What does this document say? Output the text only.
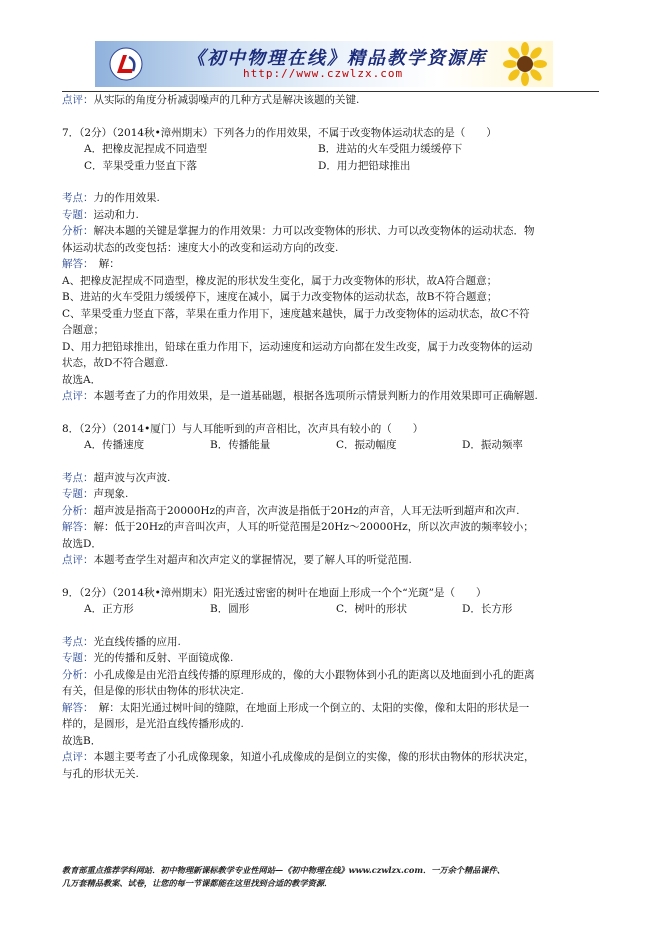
《初中物理在线》精品教学资源库
http://www.czwlzx.com
点评：从实际的角度分析减弱噪声的几种方式是解决该题的关键.
7．（2分）（2014秋•漳州期末）下列各力的作用效果，不属于改变物体运动状态的是（　　）
A．把橡皮泥捏成不同造型	B．进站的火车受阻力缓缓停下
C．苹果受重力竖直下落	D．用力把铅球推出
考点：力的作用效果.
专题：运动和力.
分析：解决本题的关键是掌握力的作用效果：力可以改变物体的形状、力可以改变物体的运动状态．物
体运动状态的改变包括：速度大小的改变和运动方向的改变.
解答：　解：
A、把橡皮泥捏成不同造型，橡皮泥的形状发生变化，属于力改变物体的形状，故A符合题意；
B、进站的火车受阻力缓缓停下，速度在减小，属于力改变物体的运动状态，故B不符合题意；
C、苹果受重力竖直下落，苹果在重力作用下，速度越来越快，属于力改变物体的运动状态，故C不符
合题意；
D、用力把铅球推出，铅球在重力作用下，运动速度和运动方向都在发生改变，属于力改变物体的运动
状态，故D不符合题意.
故选A．
点评：本题考查了力的作用效果，是一道基础题，根据各选项所示情景判断力的作用效果即可正确解题.
8．（2分）（2014•厦门）与人耳能听到的声音相比，次声具有较小的（　　）
A．传播速度	B．传播能量	C．振动幅度	D．振动频率
考点：超声波与次声波.
专题：声现象.
分析：超声波是指高于20000Hz的声音，次声波是指低于20Hz的声音，人耳无法听到超声和次声.
解答：解：低于20Hz的声音叫次声，人耳的听觉范围是20Hz～20000Hz，所以次声波的频率较小；
故选D．
点评：本题考查学生对超声和次声定义的掌握情况，要了解人耳的听觉范围.
9．（2分）（2014秋•漳州期末）阳光透过密密的树叶在地面上形成一个个“光斑”是（　　）
A．正方形	B．圆形	C．树叶的形状	D．长方形
考点：光直线传播的应用.
专题：光的传播和反射、平面镜成像.
分析：小孔成像是由光沿直线传播的原理形成的，像的大小跟物体到小孔的距离以及地面到小孔的距离
有关，但是像的形状由物体的形状决定.
解答：　解：太阳光通过树叶间的缝隙，在地面上形成一个倒立的、太阳的实像，像和太阳的形状是一
样的，是圆形，是光沿直线传播形成的.
故选B．
点评：本题主要考查了小孔成像现象，知道小孔成像成的是倒立的实像，像的形状由物体的形状决定，
与孔的形状无关.
教育部重点推荐学科网站．初中物理新课标教学专业性网站—《初中物理在线》www.czwlzx.com．一万余个精品课件、
几万套精品教案、试卷，让您的每一节课都能在这里找到合适的教学资源．
